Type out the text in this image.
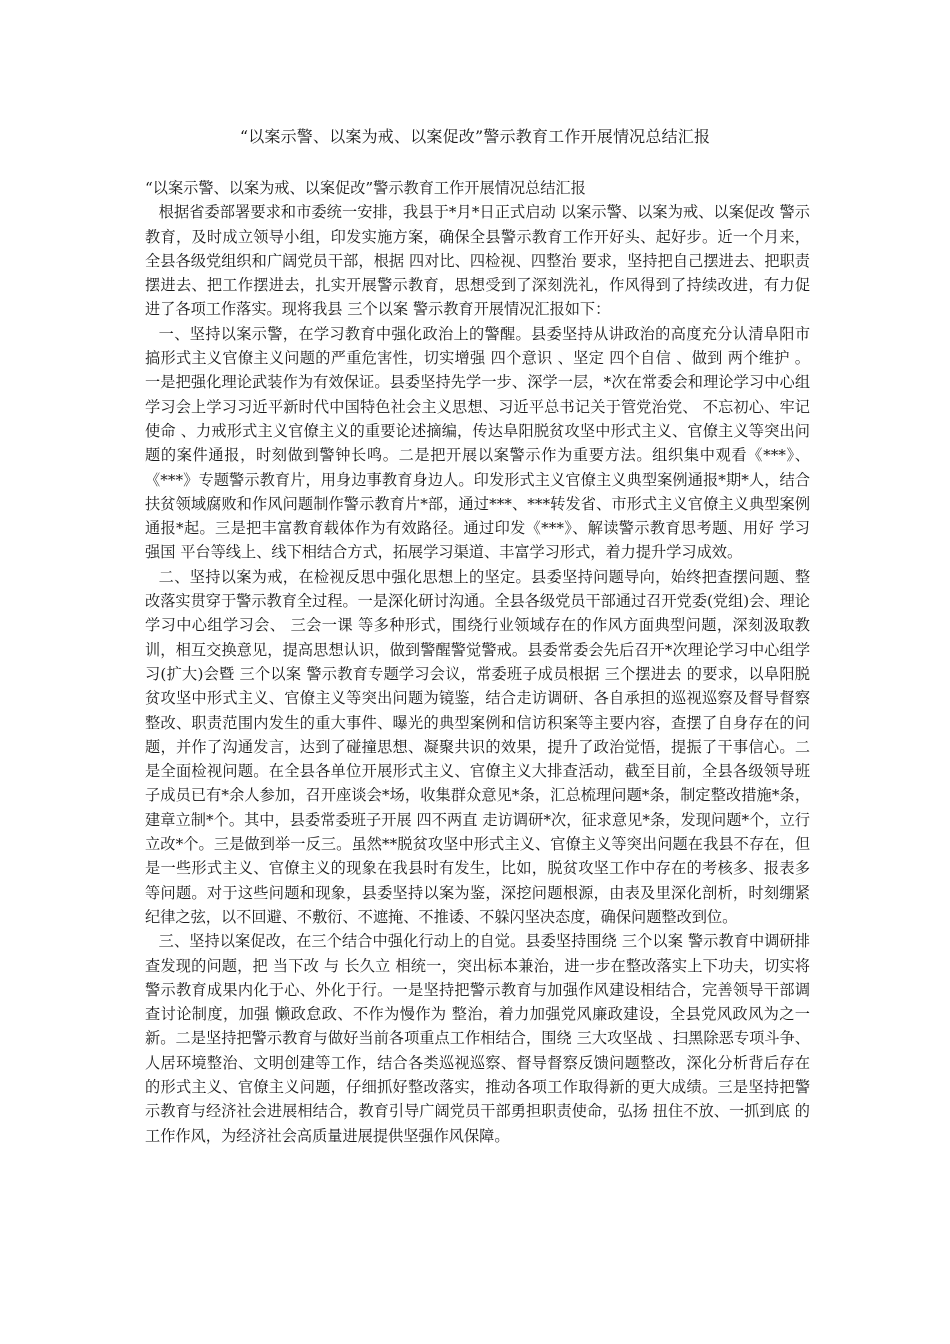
“以案示警、以案为戒、以案促改”警示教育工作开展情况总结汇报

“以案示警、以案为戒、以案促改”警示教育工作开展情况总结汇报

根据省委部署要求和市委统一安排，我县于*月*日正式启动 以案示警、以案为戒、以案促改 警示教育，及时成立领导小组，印发实施方案，确保全县警示教育工作开好头、起好步。近一个月来，全县各级党组织和广阔党员干部，根据 四对比、四检视、四整治 要求，坚持把自己摆进去、把职责摆进去、把工作摆进去，扎实开展警示教育，思想受到了深刻洗礼，作风得到了持续改进，有力促进了各项工作落实。现将我县 三个以案 警示教育开展情况汇报如下：

一、坚持以案示警，在学习教育中强化政治上的警醒。县委坚持从讲政治的高度充分认清阜阳市搞形式主义官僚主义问题的严重危害性，切实增强 四个意识 、坚定 四个自信 、做到 两个维护 。一是把强化理论武装作为有效保证。县委坚持先学一步、深学一层，*次在常委会和理论学习中心组学习会上学习习近平新时代中国特色社会主义思想、习近平总书记关于管党治党、 不忘初心、牢记使命 、力戒形式主义官僚主义的重要论述摘编，传达阜阳脱贫攻坚中形式主义、官僚主义等突出问题的案件通报，时刻做到警钟长鸣。二是把开展以案警示作为重要方法。组织集中观看《***》、《***》专题警示教育片，用身边事教育身边人。印发形式主义官僚主义典型案例通报*期*人，结合扶贫领域腐败和作风问题制作警示教育片*部，通过***、***转发省、市形式主义官僚主义典型案例通报*起。三是把丰富教育载体作为有效路径。通过印发《***》、解读警示教育思考题、用好 学习强国 平台等线上、线下相结合方式，拓展学习渠道、丰富学习形式，着力提升学习成效。

二、坚持以案为戒，在检视反思中强化思想上的坚定。县委坚持问题导向，始终把查摆问题、整改落实贯穿于警示教育全过程。一是深化研讨沟通。全县各级党员干部通过召开党委(党组)会、理论学习中心组学习会、 三会一课 等多种形式，围绕行业领域存在的作风方面典型问题，深刻汲取教训，相互交换意见，提高思想认识，做到警醒警觉警戒。县委常委会先后召开*次理论学习中心组学习(扩大)会暨 三个以案 警示教育专题学习会议，常委班子成员根据 三个摆进去 的要求，以阜阳脱贫攻坚中形式主义、官僚主义等突出问题为镜鉴，结合走访调研、各自承担的巡视巡察及督导督察整改、职责范围内发生的重大事件、曝光的典型案例和信访积案等主要内容，查摆了自身存在的问题，并作了沟通发言，达到了碰撞思想、凝聚共识的效果，提升了政治觉悟，提振了干事信心。二是全面检视问题。在全县各单位开展形式主义、官僚主义大排查活动，截至目前，全县各级领导班子成员已有*余人参加，召开座谈会*场，收集群众意见*条，汇总梳理问题*条，制定整改措施*条，建章立制*个。其中，县委常委班子开展 四不两直 走访调研*次，征求意见*条，发现问题*个，立行立改*个。三是做到举一反三。虽然**脱贫攻坚中形式主义、官僚主义等突出问题在我县不存在，但是一些形式主义、官僚主义的现象在我县时有发生，比如，脱贫攻坚工作中存在的考核多、报表多等问题。对于这些问题和现象，县委坚持以案为鉴，深挖问题根源，由表及里深化剖析，时刻绷紧纪律之弦，以不回避、不敷衍、不遮掩、不推诿、不躲闪坚决态度，确保问题整改到位。

三、坚持以案促改，在三个结合中强化行动上的自觉。县委坚持围绕 三个以案 警示教育中调研排查发现的问题，把 当下改 与 长久立 相统一，突出标本兼治，进一步在整改落实上下功夫，切实将警示教育成果内化于心、外化于行。一是坚持把警示教育与加强作风建设相结合，完善领导干部调查讨论制度，加强 懒政怠政、不作为慢作为 整治，着力加强党风廉政建设，全县党风政风为之一新。二是坚持把警示教育与做好当前各项重点工作相结合，围绕 三大攻坚战 、扫黑除恶专项斗争、人居环境整治、文明创建等工作，结合各类巡视巡察、督导督察反馈问题整改，深化分析背后存在的形式主义、官僚主义问题，仔细抓好整改落实，推动各项工作取得新的更大成绩。三是坚持把警示教育与经济社会进展相结合，教育引导广阔党员干部勇担职责使命，弘扬 扭住不放、一抓到底 的工作作风，为经济社会高质量进展提供坚强作风保障。
